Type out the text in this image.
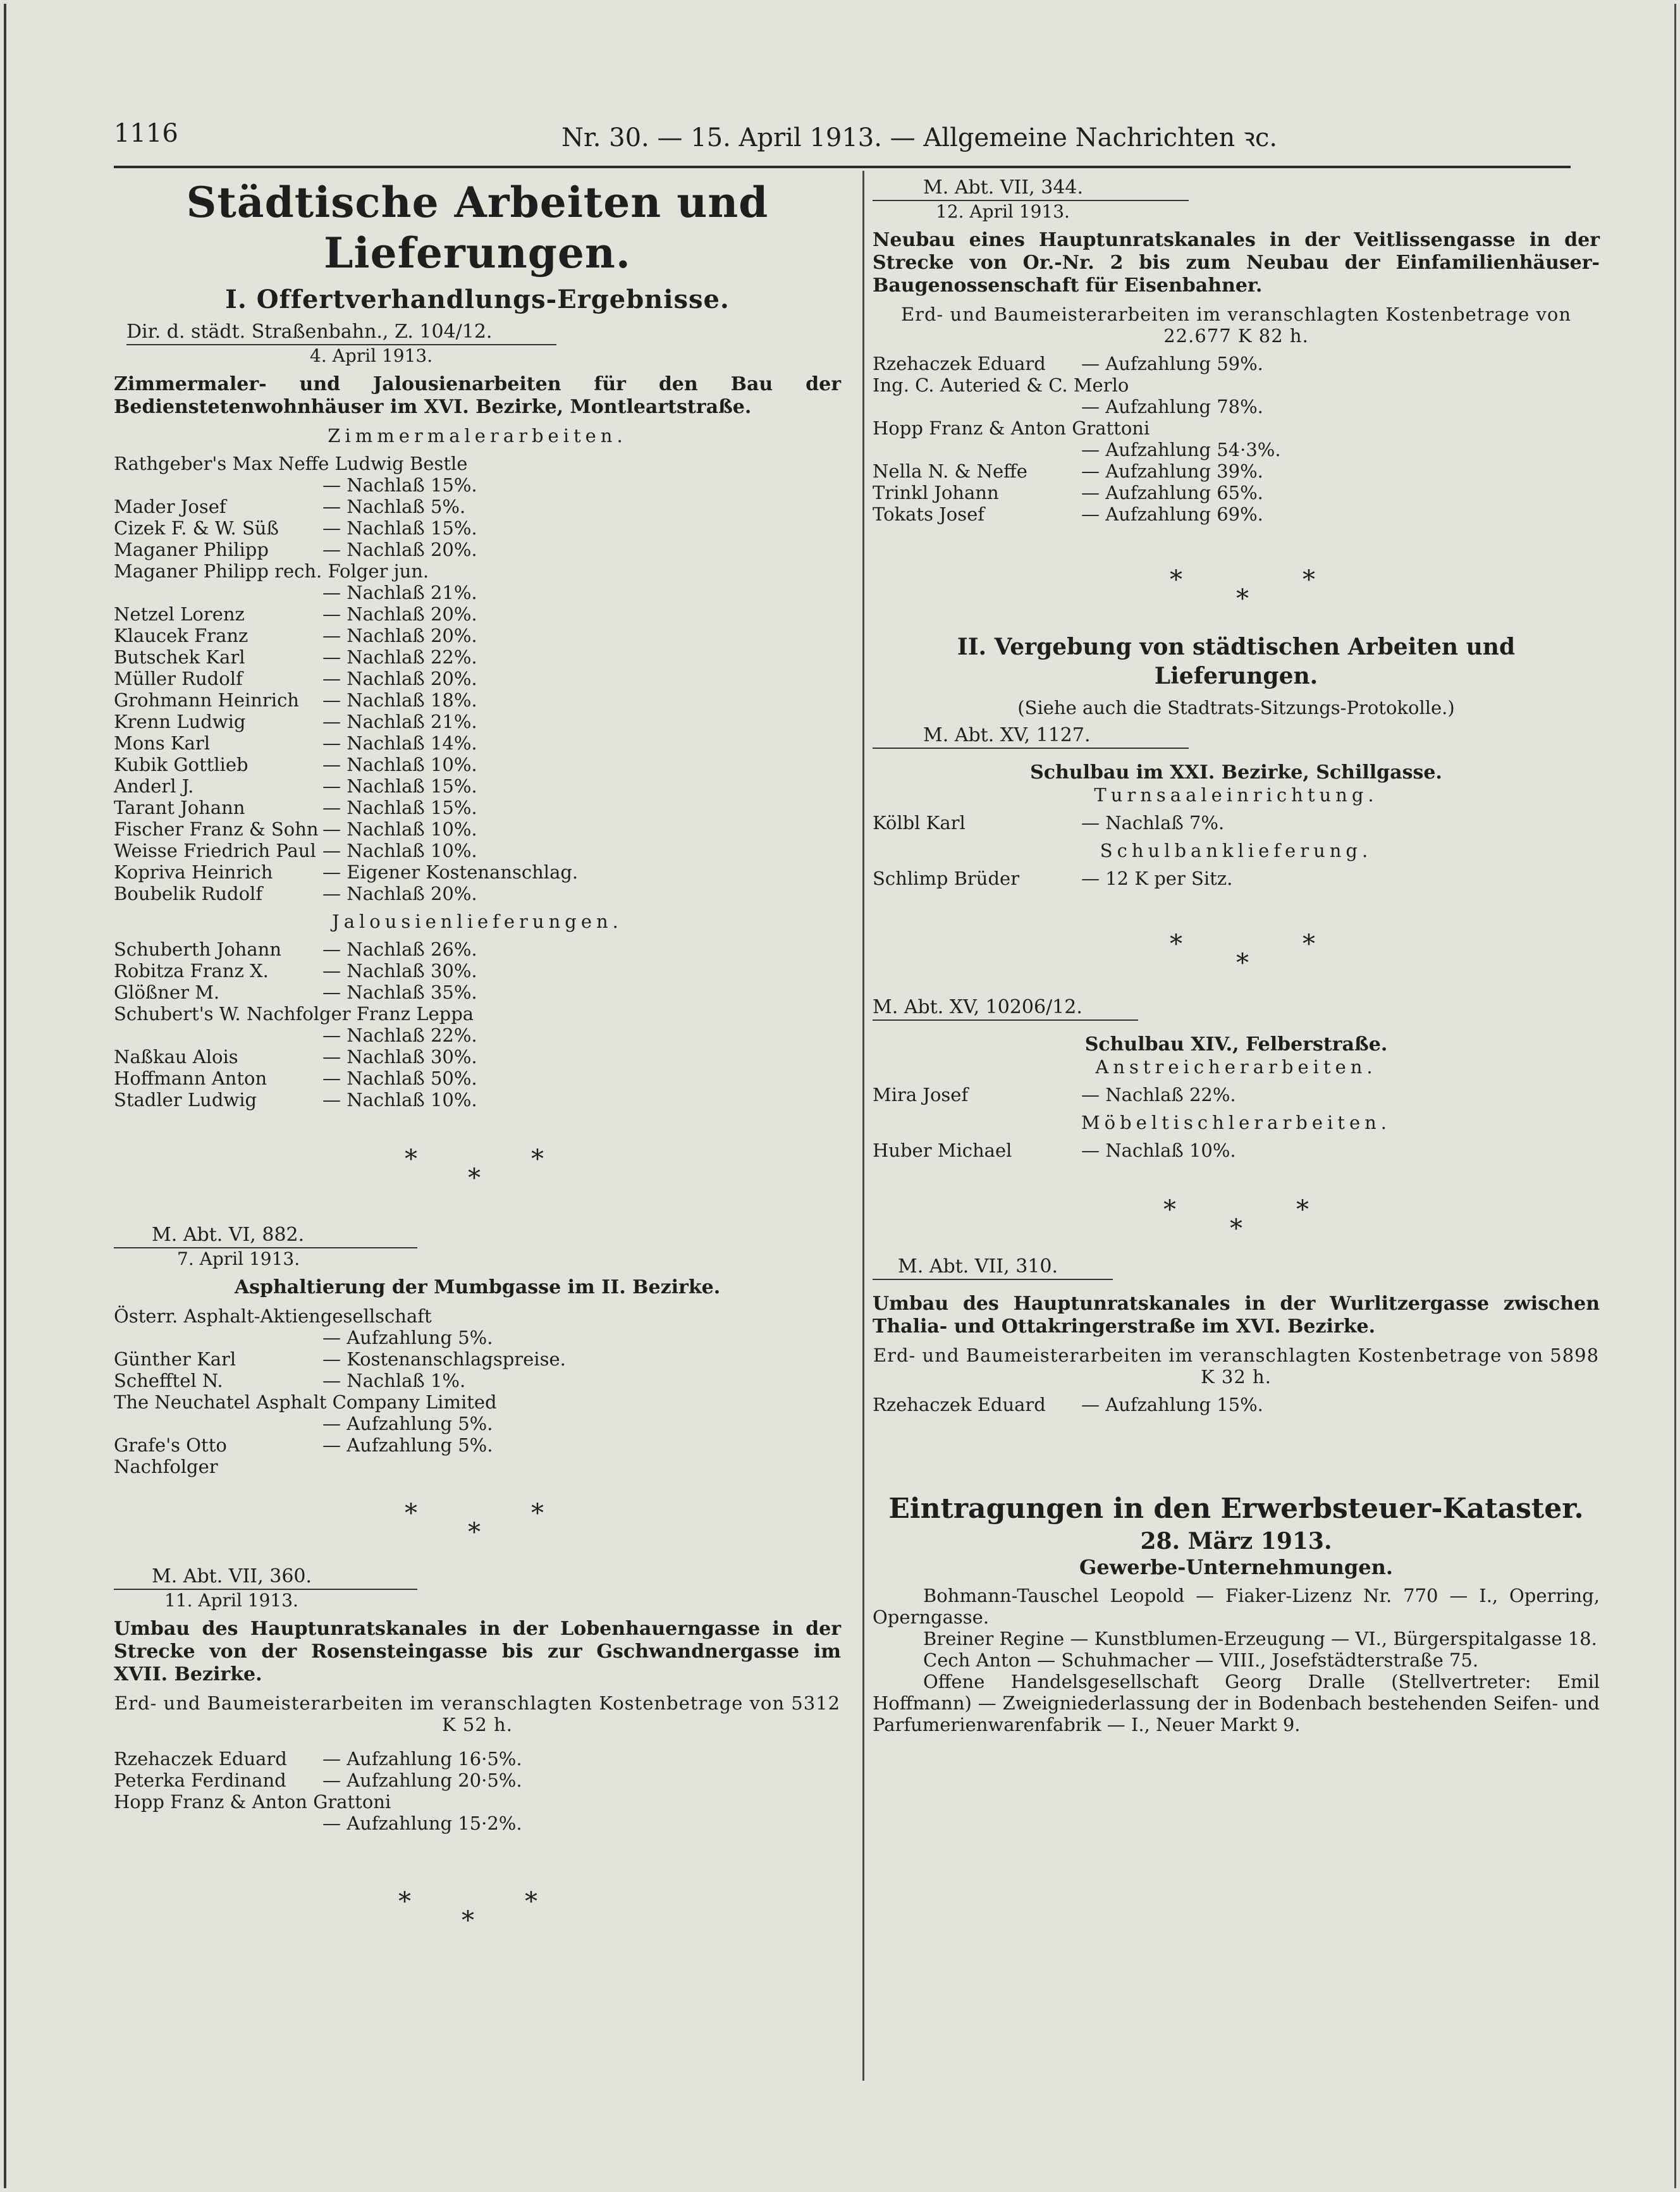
1116	Nr. 30. — 15. April 1913. — Allgemeine Nachrichten ꝛc.
Städtische Arbeiten und Lieferungen.
I. Offertverhandlungs-Ergebnisse.
Dir. d. städt. Straßenbahn., Z. 104/12.
4. April 1913.
Zimmermaler- und Jalousienarbeiten für den Bau der Bedienstetenwohnhäuser im XVI. Bezirke, Montleartstraße.
Zimmermalerarbeiten.
Rathgeber's Max Neffe Ludwig Bestle
— Nachlaß 15%.
Mader Josef	— Nachlaß 5%.
Cizek F. & W. Süß	— Nachlaß 15%.
Maganer Philipp	— Nachlaß 20%.
Maganer Philipp rech. Folger jun.
— Nachlaß 21%.
Netzel Lorenz	— Nachlaß 20%.
Klaucek Franz	— Nachlaß 20%.
Butschek Karl	— Nachlaß 22%.
Müller Rudolf	— Nachlaß 20%.
Grohmann Heinrich	— Nachlaß 18%.
Krenn Ludwig	— Nachlaß 21%.
Mons Karl	— Nachlaß 14%.
Kubik Gottlieb	— Nachlaß 10%.
Anderl J.	— Nachlaß 15%.
Tarant Johann	— Nachlaß 15%.
Fischer Franz & Sohn — Nachlaß 10%.
Weisse Friedrich Paul — Nachlaß 10%.
Kopriva Heinrich	— Eigener Kostenanschlag.
Boubelik Rudolf	— Nachlaß 20%.
Jalousienlieferungen.
Schuberth Johann	— Nachlaß 26%.
Robitza Franz X.	— Nachlaß 30%.
Glößner M.	— Nachlaß 35%.
Schubert's W. Nachfolger Franz Leppa
— Nachlaß 22%.
Naßkau Alois	— Nachlaß 30%.
Hoffmann Anton	— Nachlaß 50%.
Stadler Ludwig	— Nachlaß 10%.
*	*
*
M. Abt. VI, 882.
7. April 1913.
Asphaltierung der Mumbgasse im II. Bezirke.
Österr. Asphalt-Aktiengesellschaft
— Aufzahlung 5%.
Günther Karl	— Kostenanschlagspreise.
Schefftel N.	— Nachlaß 1%.
The Neuchatel Asphalt Company Limited
— Aufzahlung 5%.
Grafe's Otto Nachfolger
— Aufzahlung 5%.
*	*
*
M. Abt. VII, 360.
11. April 1913.
Umbau des Hauptunratskanales in der Lobenhauerngasse in der Strecke von der Rosensteingasse bis zur Gschwandnergasse im XVII. Bezirke.
Erd- und Baumeisterarbeiten im veranschlagten Kostenbetrage von 5312 K 52 h.
Rzehaczek Eduard	— Aufzahlung 16·5%.
Peterka Ferdinand	— Aufzahlung 20·5%.
Hopp Franz & Anton Grattoni
— Aufzahlung 15·2%.
*	*
*
M. Abt. VII, 344.
12. April 1913.
Neubau eines Hauptunratskanales in der Veitlissengasse in der Strecke von Or.-Nr. 2 bis zum Neubau der Einfamilienhäuser-Baugenossenschaft für Eisenbahner.
Erd- und Baumeisterarbeiten im veranschlagten Kostenbetrage von 22.677 K 82 h.
Rzehaczek Eduard	— Aufzahlung 59%.
Ing. C. Auteried & C. Merlo
— Aufzahlung 78%.
Hopp Franz & Anton Grattoni
— Aufzahlung 54·3%.
Nella N. & Neffe	— Aufzahlung 39%.
Trinkl Johann	— Aufzahlung 65%.
Tokats Josef	— Aufzahlung 69%.
*	*
*
II. Vergebung von städtischen Arbeiten und Lieferungen.
(Siehe auch die Stadtrats-Sitzungs-Protokolle.)
M. Abt. XV, 1127.
Schulbau im XXI. Bezirke, Schillgasse.
Turnsaaleinrichtung.
Kölbl Karl	— Nachlaß 7%.
Schulbanklieferung.
Schlimp Brüder	— 12 K per Sitz.
*	*
*
M. Abt. XV, 10206/12.
Schulbau XIV., Felberstraße.
Anstreicherarbeiten.
Mira Josef	— Nachlaß 22%.
Möbeltischlerarbeiten.
Huber Michael	— Nachlaß 10%.
*	*
*
M. Abt. VII, 310.
Umbau des Hauptunratskanales in der Wurlitzergasse zwischen Thalia- und Ottakringerstraße im XVI. Bezirke.
Erd- und Baumeisterarbeiten im veranschlagten Kostenbetrage von 5898 K 32 h.
Rzehaczek Eduard	— Aufzahlung 15%.
Eintragungen in den Erwerbsteuer-Kataster.
28. März 1913.
Gewerbe-Unternehmungen.
Bohmann-Tauschel Leopold — Fiaker-Lizenz Nr. 770 — I., Operring, Operngasse.
Breiner Regine — Kunstblumen-Erzeugung — VI., Bürgerspitalgasse 18.
Cech Anton — Schuhmacher — VIII., Josefstädterstraße 75.
Offene Handelsgesellschaft Georg Dralle (Stellvertreter: Emil Hoffmann) — Zweigniederlassung der in Bodenbach bestehenden Seifen- und Parfumerienwarenfabrik — I., Neuer Markt 9.
